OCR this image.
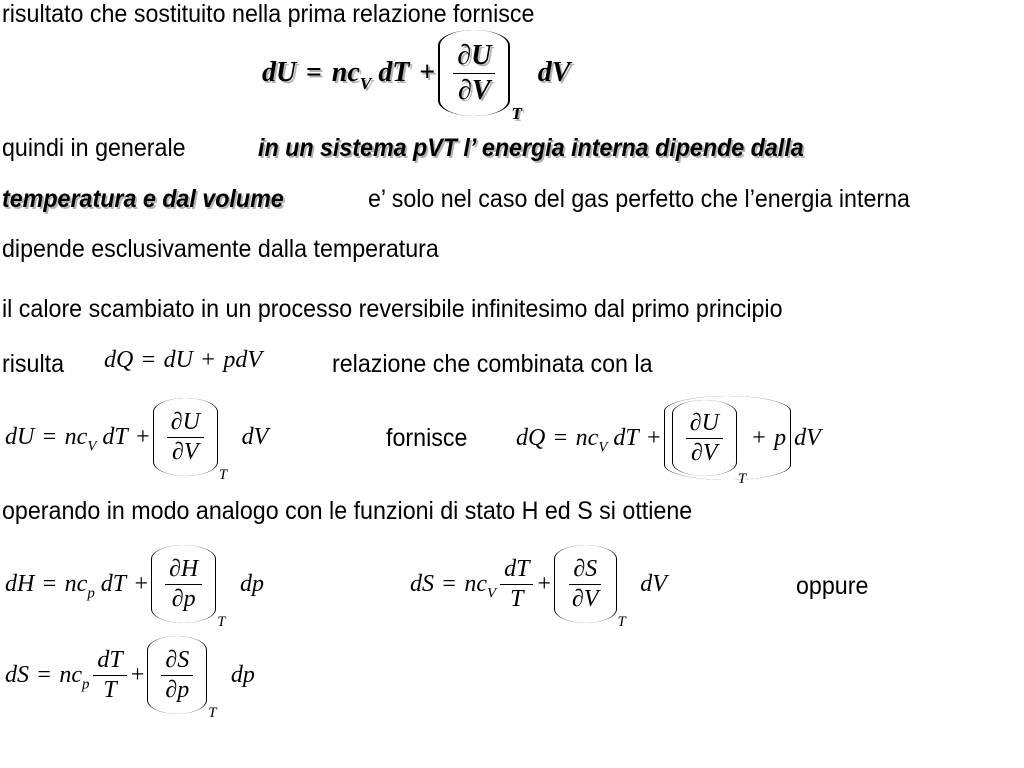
risultato che sostituito nella prima relazione fornisce
dU = $nc_V$ dT + $\frac{\partial U}{\partial V}$
T
dV
quindi in generale	in un sistema pVT l’ energia interna dipende dalla
temperatura e dal volume	e’ solo nel caso del gas perfetto che l’energia interna
dipende esclusivamente dalla temperatura
il calore scambiato in un processo reversibile infinitesimo dal primo principio
risulta dQ = dU + pdV	relazione che combinata con la
dU = $nc_V$ dT + $\frac{\partial U}{\partial V}$
T
dV	fornisce dQ = $nc_V$ dT + $\frac{\partial U}{\partial V}$
T
+ p dV
operando in modo analogo con le funzioni di stato H ed S si ottiene
dH = $nc_p$ dT + $\frac{\partial H}{\partial p}$
T
dp	dS = $nc_V \frac{dT}{T} + \frac{\partial S}{\partial V}$
T
dV	oppure
dS = $nc_p \frac{dT}{T} + \frac{\partial S}{\partial p}$
T
dp
